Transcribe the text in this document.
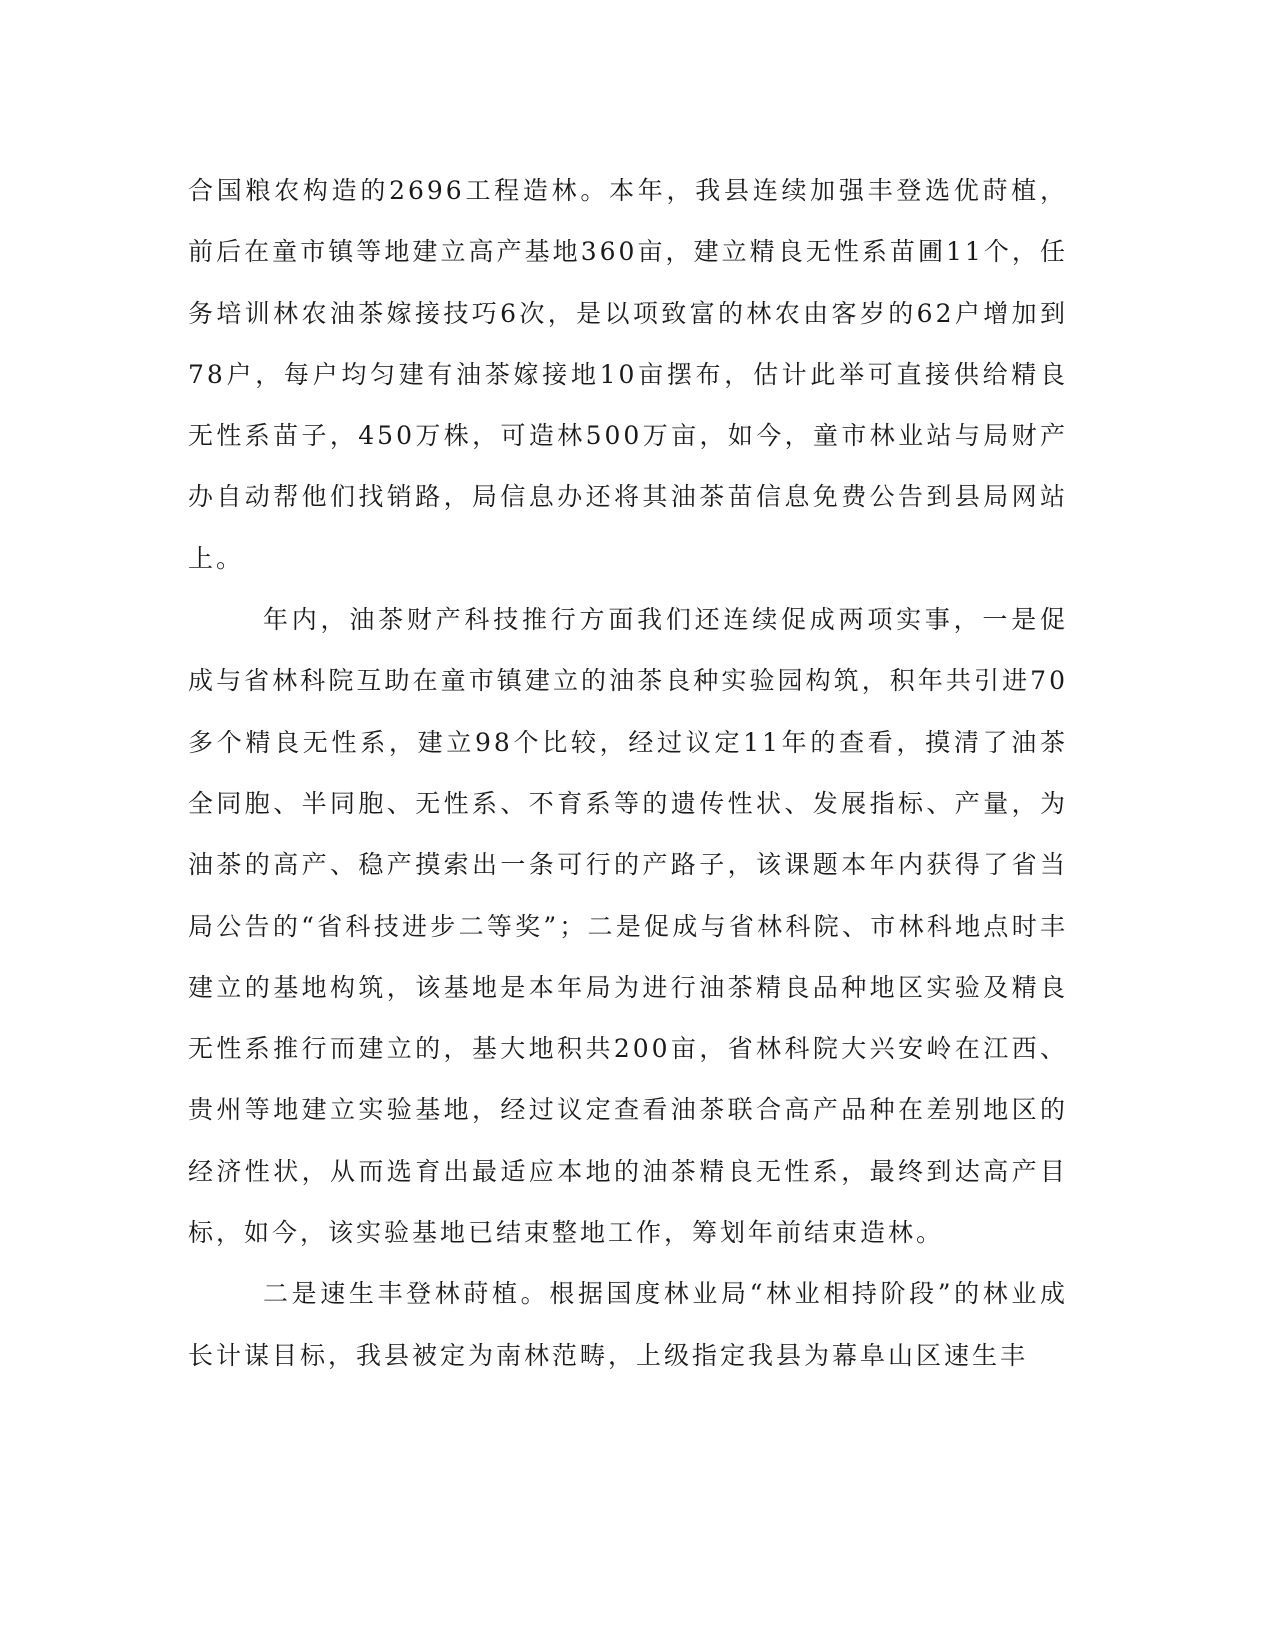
合国粮农构造的2696工程造林。本年，我县连续加强丰登选优莳植，前后在童市镇等地建立高产基地360亩，建立精良无性系苗圃11个，任务培训林农油茶嫁接技巧6次，是以项致富的林农由客岁的62户增加到78户，每户均匀建有油茶嫁接地10亩摆布，估计此举可直接供给精良无性系苗子，450万株，可造林500万亩，如今，童市林业站与局财产办自动帮他们找销路，局信息办还将其油茶苗信息免费公告到县局网站上。

年内，油茶财产科技推行方面我们还连续促成两项实事，一是促成与省林科院互助在童市镇建立的油茶良种实验园构筑，积年共引进70多个精良无性系，建立98个比较，经过议定11年的查看，摸清了油茶全同胞、半同胞、无性系、不育系等的遗传性状、发展指标、产量，为油茶的高产、稳产摸索出一条可行的产路子，该课题本年内获得了省当局公告的“省科技进步二等奖”；二是促成与省林科院、市林科地点时丰建立的基地构筑，该基地是本年局为进行油茶精良品种地区实验及精良无性系推行而建立的，基大地积共200亩，省林科院大兴安岭在江西、贵州等地建立实验基地，经过议定查看油茶联合高产品种在差别地区的经济性状，从而选育出最适应本地的油茶精良无性系，最终到达高产目标，如今，该实验基地已结束整地工作，筹划年前结束造林。

二是速生丰登林莳植。根据国度林业局“林业相持阶段”的林业成长计谋目标，我县被定为南林范畴，上级指定我县为幕阜山区速生丰
